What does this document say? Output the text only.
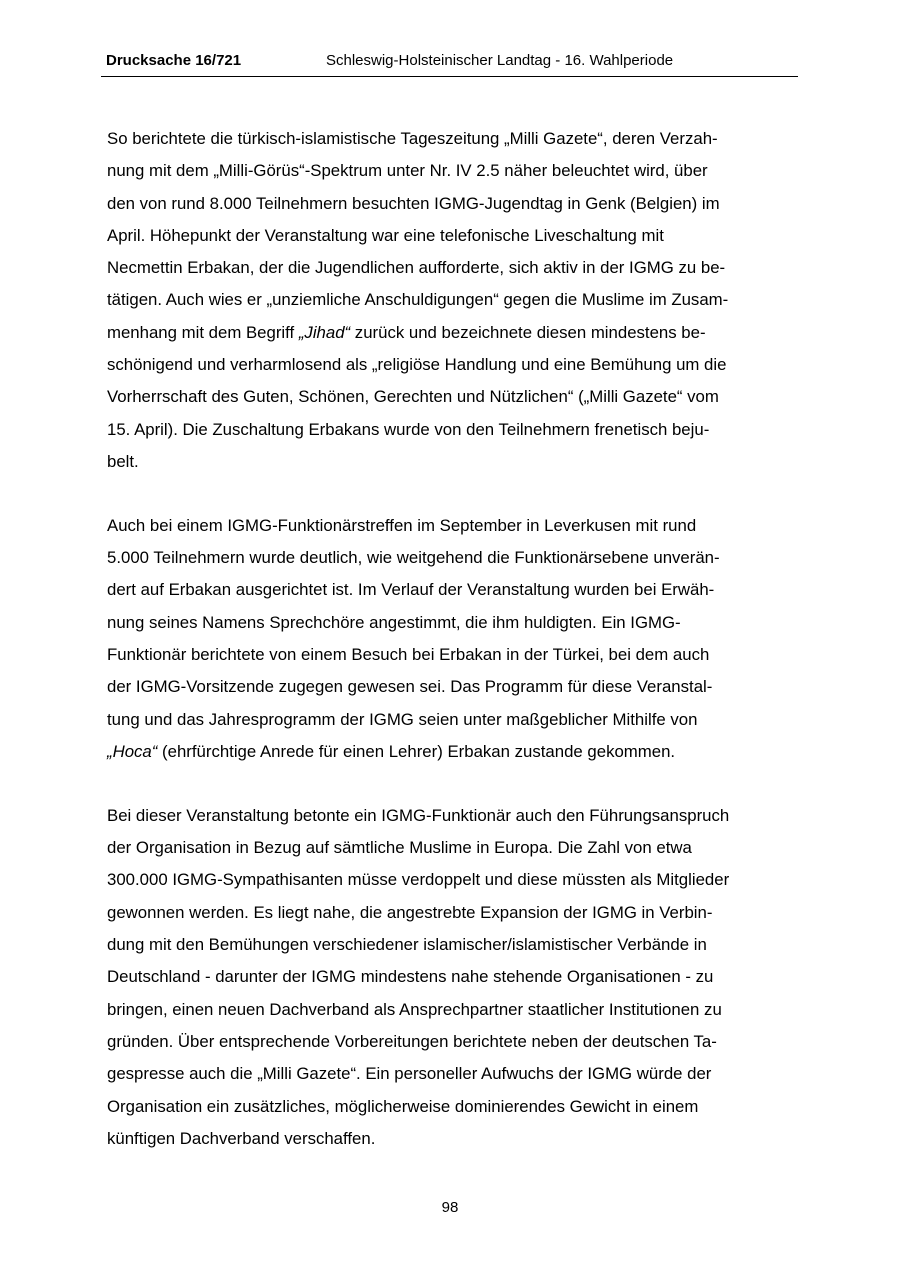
Drucksache 16/721	Schleswig-Holsteinischer Landtag - 16. Wahlperiode

So berichtete die türkisch-islamistische Tageszeitung „Milli Gazete“, deren Verzah-
nung mit dem „Milli-Görüs“-Spektrum unter Nr. IV 2.5 näher beleuchtet wird, über
den von rund 8.000 Teilnehmern besuchten IGMG-Jugendtag in Genk (Belgien) im
April. Höhepunkt der Veranstaltung war eine telefonische Liveschaltung mit
Necmettin Erbakan, der die Jugendlichen aufforderte, sich aktiv in der IGMG zu be-
tätigen. Auch wies er „unziemliche Anschuldigungen“ gegen die Muslime im Zusam-
menhang mit dem Begriff „Jihad“ zurück und bezeichnete diesen mindestens be-
schönigend und verharmlosend als „religiöse Handlung und eine Bemühung um die
Vorherrschaft des Guten, Schönen, Gerechten und Nützlichen“ („Milli Gazete“ vom
15. April). Die Zuschaltung Erbakans wurde von den Teilnehmern frenetisch beju-
belt.

Auch bei einem IGMG-Funktionärstreffen im September in Leverkusen mit rund
5.000 Teilnehmern wurde deutlich, wie weitgehend die Funktionärsebene unverän-
dert auf Erbakan ausgerichtet ist. Im Verlauf der Veranstaltung wurden bei Erwäh-
nung seines Namens Sprechchöre angestimmt, die ihm huldigten. Ein IGMG-
Funktionär berichtete von einem Besuch bei Erbakan in der Türkei, bei dem auch
der IGMG-Vorsitzende zugegen gewesen sei. Das Programm für diese Veranstal-
tung und das Jahresprogramm der IGMG seien unter maßgeblicher Mithilfe von
„Hoca“ (ehrfürchtige Anrede für einen Lehrer) Erbakan zustande gekommen.

Bei dieser Veranstaltung betonte ein IGMG-Funktionär auch den Führungsanspruch
der Organisation in Bezug auf sämtliche Muslime in Europa. Die Zahl von etwa
300.000 IGMG-Sympathisanten müsse verdoppelt und diese müssten als Mitglieder
gewonnen werden. Es liegt nahe, die angestrebte Expansion der IGMG in Verbin-
dung mit den Bemühungen verschiedener islamischer/islamistischer Verbände in
Deutschland - darunter der IGMG mindestens nahe stehende Organisationen - zu
bringen, einen neuen Dachverband als Ansprechpartner staatlicher Institutionen zu
gründen. Über entsprechende Vorbereitungen berichtete neben der deutschen Ta-
gespresse auch die „Milli Gazete“. Ein personeller Aufwuchs der IGMG würde der
Organisation ein zusätzliches, möglicherweise dominierendes Gewicht in einem
künftigen Dachverband verschaffen.

98
